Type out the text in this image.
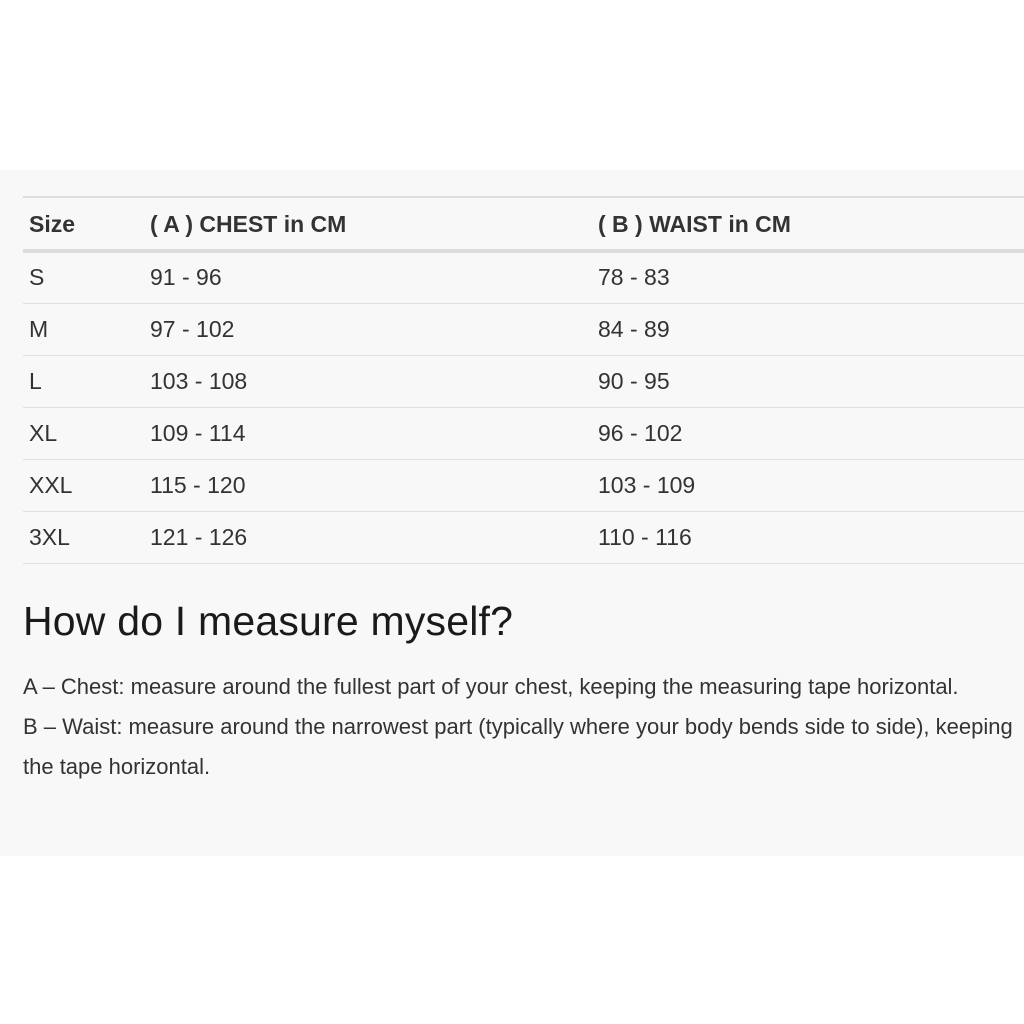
Size	( A ) CHEST in CM	( B ) WAIST in CM
S	91 - 96	78 - 83
M	97 - 102	84 - 89
L	103 - 108	90 - 95
XL	109 - 114	96 - 102
XXL	115 - 120	103 - 109
3XL	121 - 126	110 - 116
How do I measure myself?

A – Chest: measure around the fullest part of your chest, keeping the measuring tape horizontal.

B – Waist: measure around the narrowest part (typically where your body bends side to side), keeping the tape horizontal.
